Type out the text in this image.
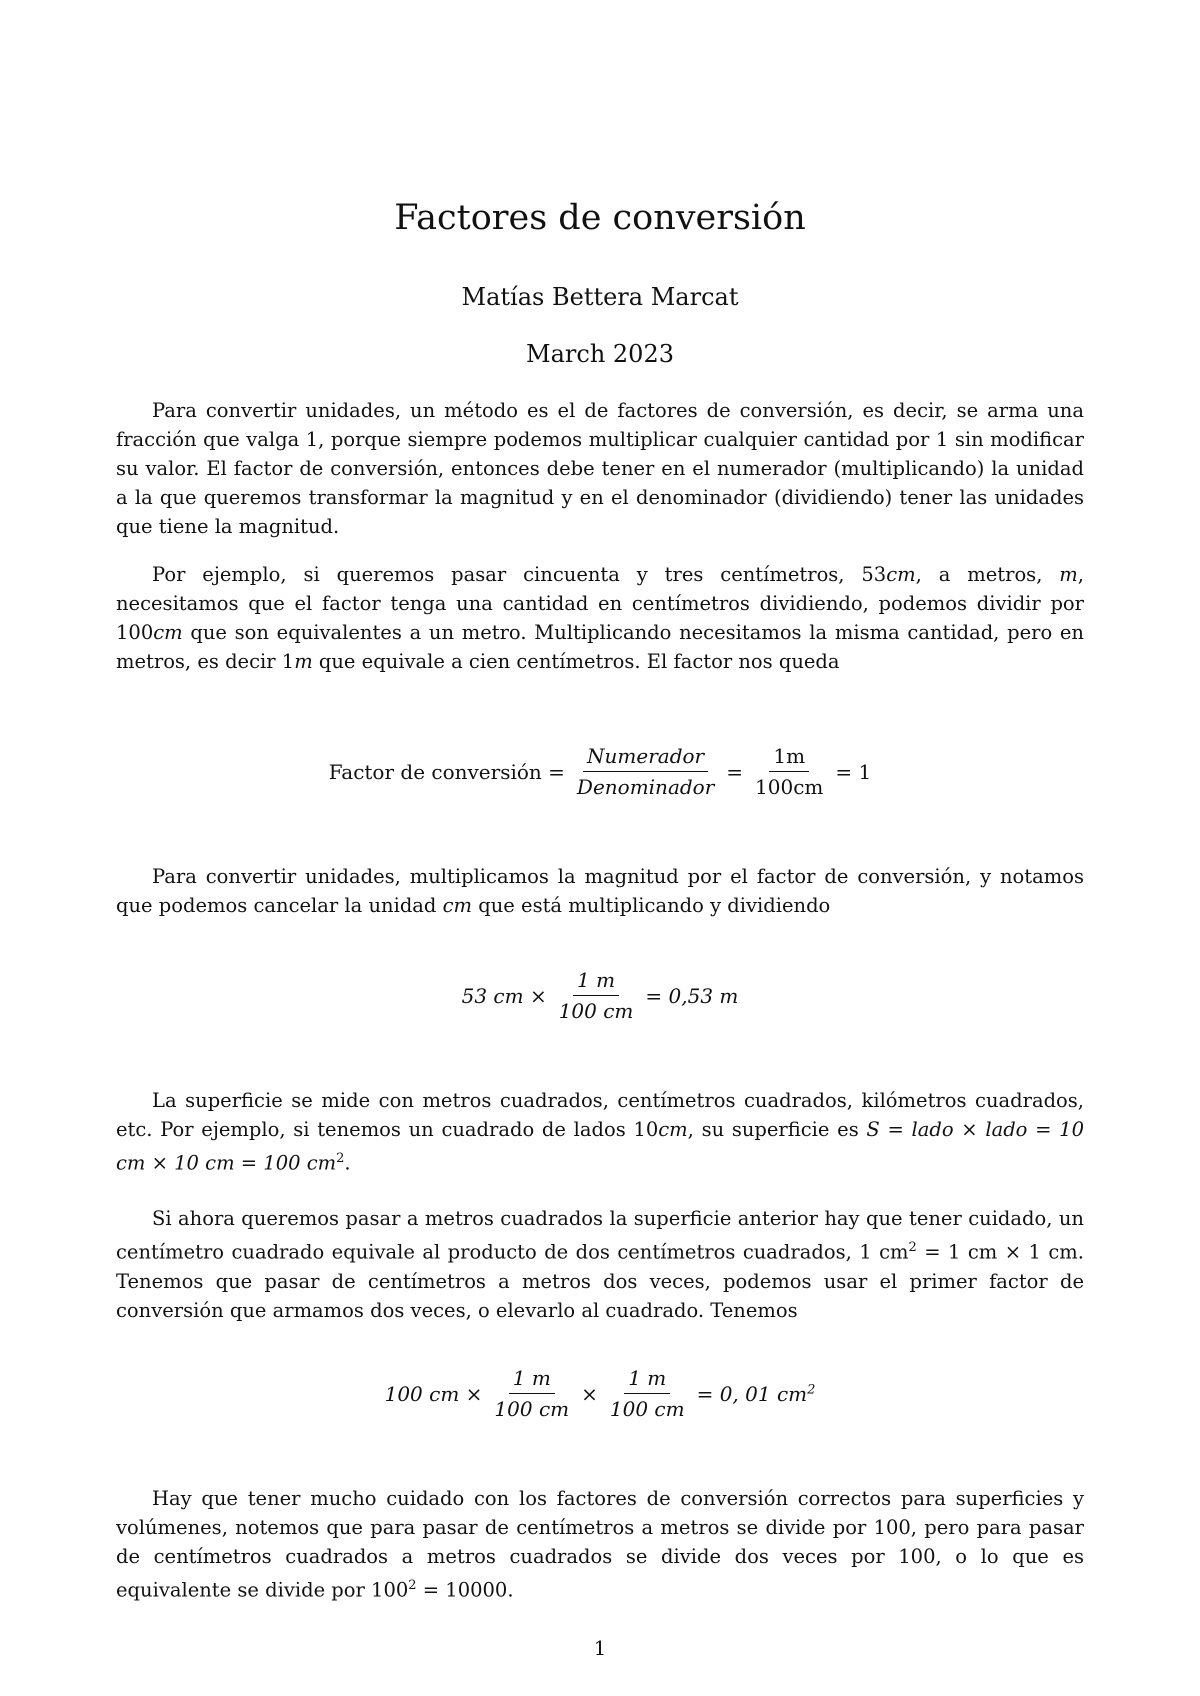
Factores de conversión
Matías Bettera Marcat
March 2023

Para convertir unidades, un método es el de factores de conversión, es decir, se arma una fracción que valga 1, porque siempre podemos multiplicar cualquier cantidad por 1 sin modificar su valor. El factor de conversión, entonces debe tener en el numerador (multiplicando) la unidad a la que queremos transformar la magnitud y en el denominador (dividiendo) tener las unidades que tiene la magnitud.

Por ejemplo, si queremos pasar cincuenta y tres centímetros, 53cm, a metros, m, necesitamos que el factor tenga una cantidad en centímetros dividiendo, podemos dividir por 100cm que son equivalentes a un metro. Multiplicando necesitamos la misma cantidad, pero en metros, es decir 1m que equivale a cien centímetros. El factor nos queda

Factor de conversión = $\frac{\text{Numerador}}{\text{Denominador}} = \frac{1m}{100cm} = 1$

Para convertir unidades, multiplicamos la magnitud por el factor de conversión, y notamos que podemos cancelar la unidad cm que está multiplicando y dividiendo

53 cm × $\frac{1 m}{100 cm} = 0,53$ m

La superficie se mide con metros cuadrados, centímetros cuadrados, kilómetros cuadrados, etc. Por ejemplo, si tenemos un cuadrado de lados 10cm, su superficie es S = lado × lado = 10 cm × 10 cm = 100 $cm^2$.

Si ahora queremos pasar a metros cuadrados la superficie anterior hay que tener cuidado, un centímetro cuadrado equivale al producto de dos centímetros cuadrados, 1 $cm^2 = 1$ cm × 1 cm. Tenemos que pasar de centímetros a metros dos veces, podemos usar el primer factor de conversión que armamos dos veces, o elevarlo al cuadrado. Tenemos

100 cm × $\frac{1 m}{100 cm} \times \frac{1 m}{100 cm} = 0$, 01 $cm^2$

Hay que tener mucho cuidado con los factores de conversión correctos para superficies y volúmenes, notemos que para pasar de centímetros a metros se divide por 100, pero para pasar de centímetros cuadrados a metros cuadrados se divide dos veces por 100, o lo que es equivalente se divide por $100^2 = 10000$.

1
